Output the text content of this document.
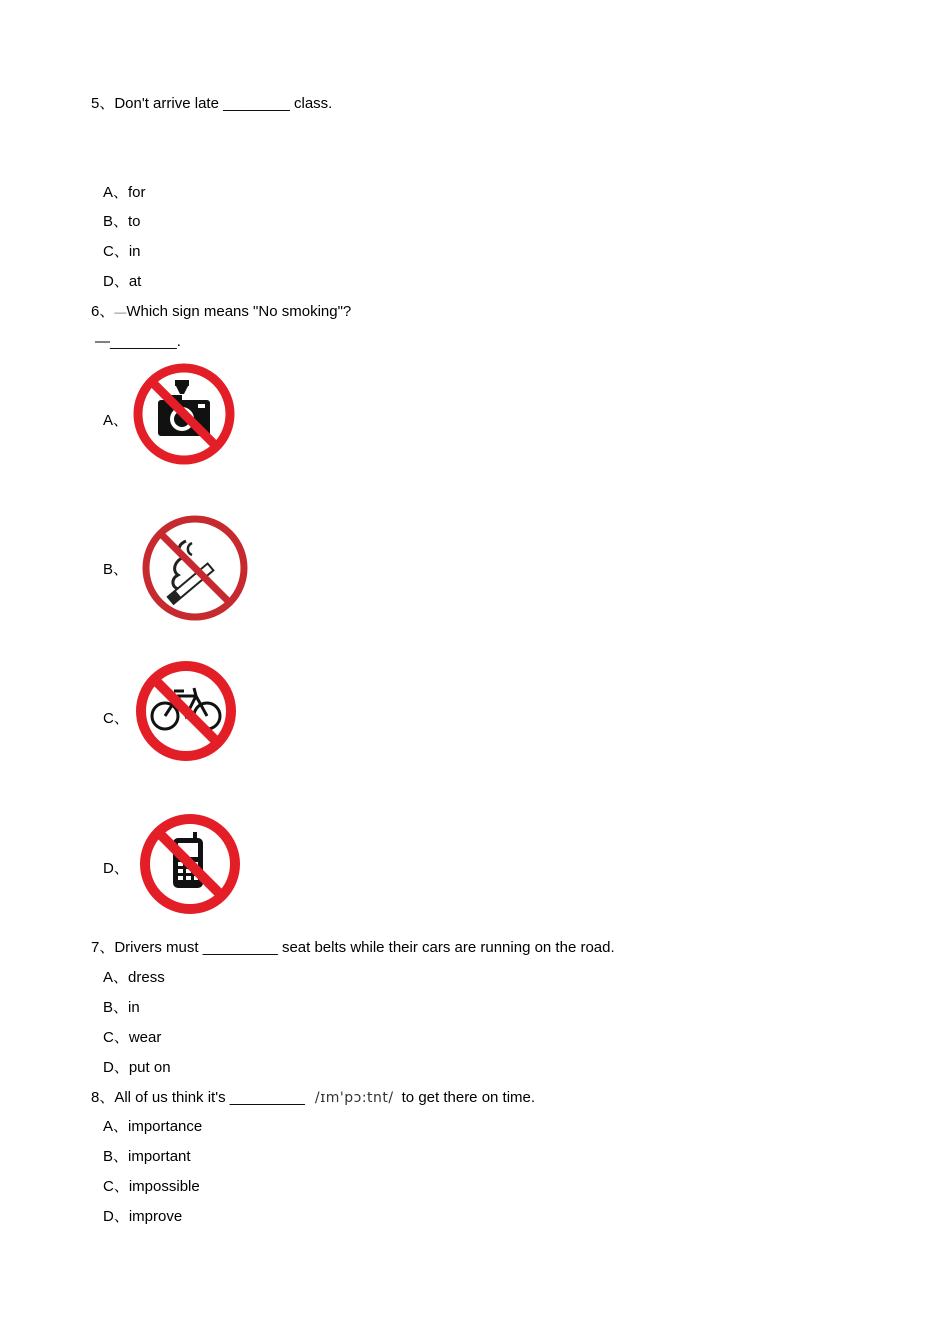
5、Don't arrive late ________ class.
A、for
B、to
C、in
D、at
6、—Which sign means "No smoking"?
—________.
A、
B、
C、
D、
7、Drivers must _________ seat belts while their cars are running on the road.
A、dress
B、in
C、wear
D、put on
8、All of us think it's _________ /ɪm'pɔ:tnt/ to get there on time.
A、importance
B、important
C、impossible
D、improve
